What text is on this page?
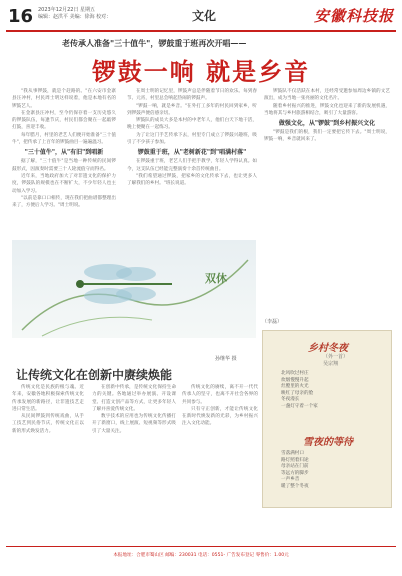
16 2023年12月22日 星期五
编辑：赵洪平 美编：徐海 校对：	文化	安徽科技报
老传承人准备"三十值牛"，锣鼓重于班再次开唱——
锣鼓一响 就是乡音
"我从事锣鼓，就是个赶路的。"在六安市金寨县汪冲村，村民周士明这样说着，他是本地有名的锣鼓艺人。
在金寨县汪冲村，至今仍保存着一支历史悠久的锣鼓队伍，每逢节庆，村民们都会聚在一起敲锣打鼓，喜迎丰收。
每年腊月，村里的老艺人们便开始准备"三十值牛"，把传承了上百年的锣鼓曲目一遍遍温习。
"三十值牛"，从"有旧"到唱新
据了解，"三十值牛"是当地一种传统的民间锣鼓形式，因演奏时需要三十人轮流值守而得名。
近年来，当地政府加大了对非遗文化的保护力度，锣鼓队的规模也在不断扩大，不少年轻人也主动加入学习。
"以前是靠口口相传，现在我们把曲谱都整理出来了，方便后人学习。"周士明说。
在周士明的记忆里，锣鼓声总是伴随着节日的欢乐。每到春节、元宵，村里总会响起热闹的锣鼓声。
"锣鼓一响，就是乡音。"在外打工多年的村民回到家乡，听到锣鼓声便倍感亲切。
锣鼓队的成员大多是本村的中老年人，他们白天下地干活，晚上便聚在一起练习。
为了让这门手艺传承下去，村里专门成立了锣鼓兴趣班，吸引了不少孩子参加。
锣鼓重于班，从"老树新花"到"唱满村落"
在锣鼓重于班，老艺人们手把手教学，年轻人学得认真。如今，这支队伍已经能完整演奏十余首传统曲目。
"我们希望通过锣鼓，把家乡的文化传承下去，也让更多人了解我们的乡村。"班长说道。
锣鼓队不仅活跃在本村，还经常受邀参加周边乡镇的文艺演出，成为当地一张亮丽的文化名片。
随着乡村振兴的推进，锣鼓文化也迎来了新的发展机遇，当地将其与乡村旅游相结合，吸引了大量游客。
做强文化，从"锣鼓"到乡村振兴文化
"锣鼓是我们的根，我们一定要把它传下去。"周士明说，锣鼓一响，乡音就回来了。
（李磊）
双休
孙继华 摄
乡村冬夜
（外一首）
吴宗翔
北风吹过村庄
炊烟慢慢升起
灶膛里的火光
映红了母亲的脸
冬夜漫长
一盏灯守着一个家
雪夜的等待
雪落满村口
路灯照着归途
母亲站在门前
等远方的脚步
一声乡音
暖了整个冬夜
让传统文化在创新中赓续焕能
传统文化是民族的根与魂。近年来，安徽各地积极探索传统文化传承发展的新路径，让非遗技艺走进日常生活。
从民间锣鼓到传统戏曲，从手工技艺到民俗节庆，传统文化正以新的形式焕发活力。
在创新中传承，是传统文化保持生命力的关键。各地通过举办展演、开设课堂、打造文创产品等方式，让更多年轻人了解并喜爱传统文化。
数字技术的应用也为传统文化传播打开了新窗口，线上展演、短视频等形式吸引了大量关注。
传统文化的赓续，离不开一代代传承人的坚守，也离不开社会各界的共同参与。
只有守正创新，才能让传统文化在新时代焕发新的光彩，为乡村振兴注入文化动能。
本报地址：合肥市蜀山区 邮编：230031 电话：0551- 广告发布登记 零售价：1.00元
